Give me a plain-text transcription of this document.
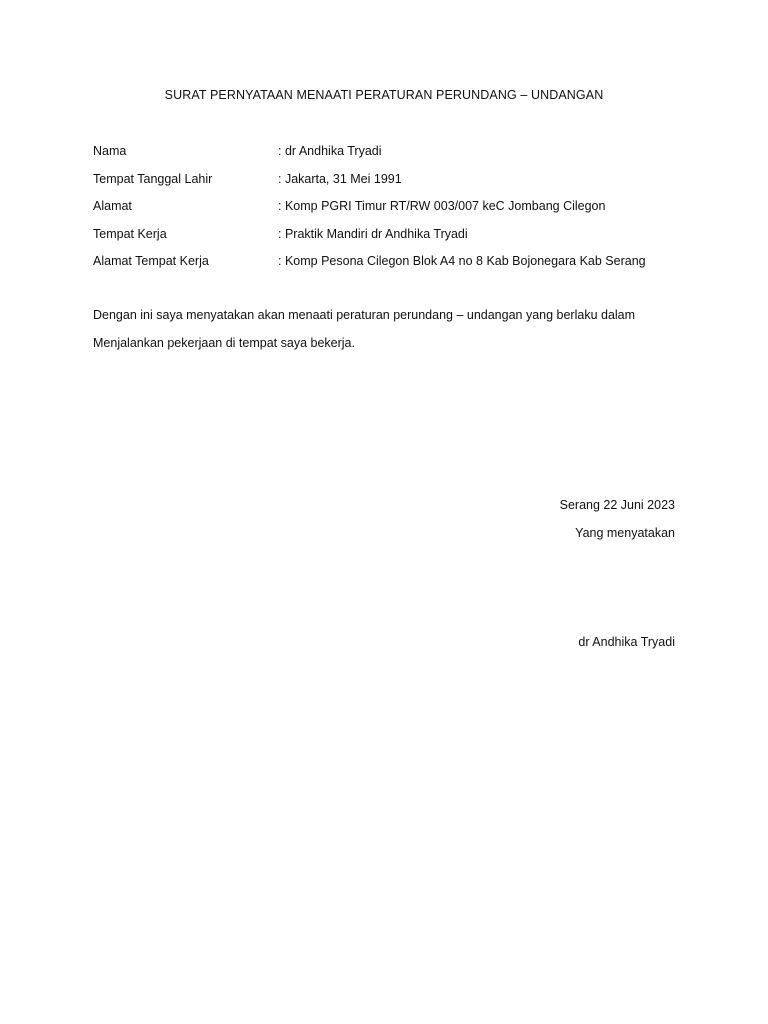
SURAT PERNYATAAN MENAATI PERATURAN PERUNDANG – UNDANGAN
Nama	: dr Andhika Tryadi
Tempat Tanggal Lahir	: Jakarta, 31 Mei 1991
Alamat	: Komp PGRI Timur RT/RW 003/007 keC Jombang Cilegon
Tempat Kerja	: Praktik Mandiri dr Andhika Tryadi
Alamat Tempat Kerja	: Komp Pesona Cilegon Blok A4 no 8 Kab Bojonegara Kab Serang

Dengan ini saya menyatakan akan menaati peraturan perundang – undangan yang berlaku dalam

Menjalankan pekerjaan di tempat saya bekerja.

Serang 22 Juni 2023
Yang menyatakan
dr Andhika Tryadi
